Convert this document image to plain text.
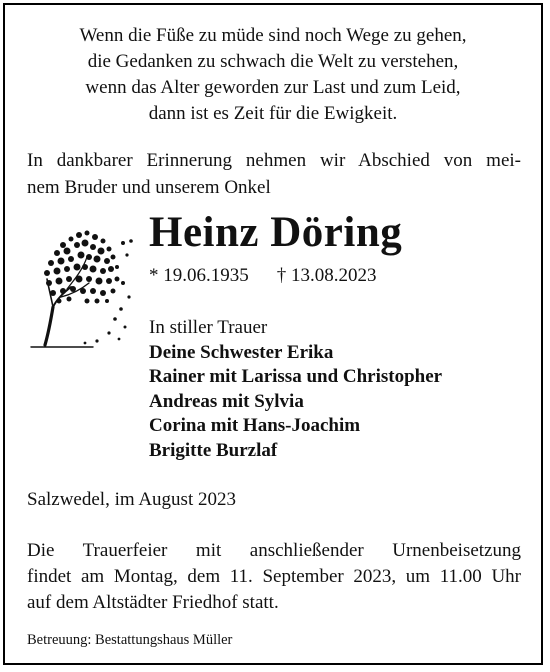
Wenn die Füße zu müde sind noch Wege zu gehen,
die Gedanken zu schwach die Welt zu verstehen,
wenn das Alter geworden zur Last und zum Leid,
dann ist es Zeit für die Ewigkeit.
In dankbarer Erinnerung nehmen wir Abschied von mei-
nem Bruder und unserem Onkel
Heinz Döring
* 19.06.1935 † 13.08.2023
In stiller Trauer
Deine Schwester Erika
Rainer mit Larissa und Christopher
Andreas mit Sylvia
Corina mit Hans-Joachim
Brigitte Burzlaf
Salzwedel, im August 2023
Die Trauerfeier mit anschließender Urnenbeisetzung
findet am Montag, dem 11. September 2023, um 11.00 Uhr
auf dem Altstädter Friedhof statt.
Betreuung: Bestattungshaus Müller
